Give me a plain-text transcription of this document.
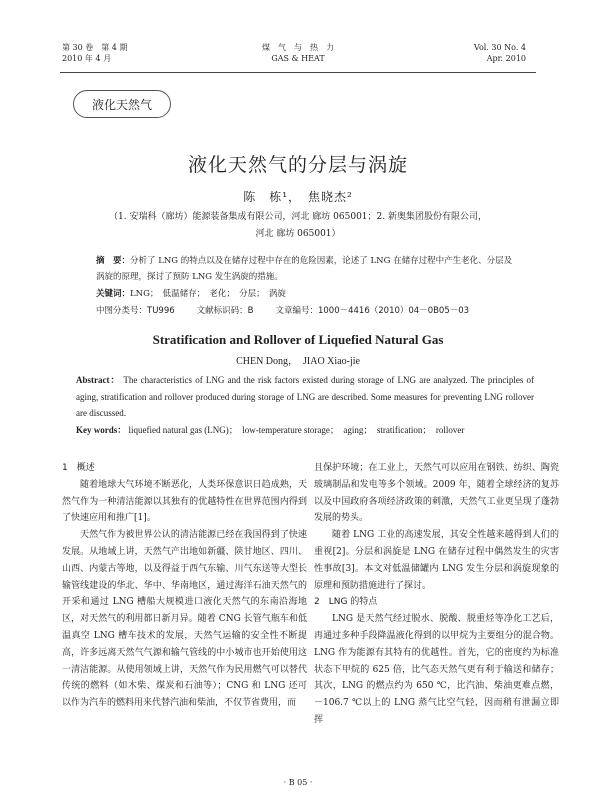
第 30 卷　第 4 期
2010 年 4 月
煤　气　与　热　力
GAS & HEAT
Vol. 30 No. 4
Apr. 2010
液化天然气
液化天然气的分层与涡旋
陈　栋¹，　焦晓杰²
（1. 安瑞科（廊坊）能源装备集成有限公司，河北 廊坊 065001；2. 新奥集团股份有限公司，
河北 廊坊 065001）
摘　要：分析了 LNG 的特点以及在储存过程中存在的危险因素，论述了 LNG 在储存过程中产生老化、分层及涡旋的原理，探讨了预防 LNG 发生涡旋的措施。
关键词：LNG；　低温储存；　老化；　分层；　涡旋
中图分类号：TU996	文献标识码：B	文章编号：1000－4416（2010）04－0B05－03
Stratification and Rollover of Liquefied Natural Gas
CHEN Dong，　JIAO Xiao-jie
Abstract： The characteristics of LNG and the risk factors existed during storage of LNG are analyzed. The principles of aging, stratification and rollover produced during storage of LNG are described. Some measures for preventing LNG rollover are discussed.
Key words： liquefied natural gas (LNG)；　low-temperature storage；　aging；　stratification；　rollover

1　概述

随着地球大气环境不断恶化，人类环保意识日趋成熟，天然气作为一种清洁能源以其独有的优越特性在世界范围内得到了快速应用和推广[1]。

天然气作为被世界公认的清洁能源已经在我国得到了快速发展。从地域上讲，天然气产出地如新疆、陕甘地区、四川、山西、内蒙古等地，以及得益于西气东输、川气东送等大型长输管线建设的华北、华中、华南地区，通过海洋石油天然气的开采和通过 LNG 槽船大规模进口液化天然气的东南沿海地区，对天然气的利用都日新月异。随着 CNG 长管气瓶车和低温真空 LNG 槽车技术的发展，天然气运输的安全性不断提高，许多远离天然气气源和输气管线的中小城市也开始使用这一清洁能源。从使用领域上讲，天然气作为民用燃气可以替代传统的燃料（如木柴、煤炭和石油等）；CNG 和 LNG 还可以作为汽车的燃料用来代替汽油和柴油，不仅节省费用，而

且保护环境；在工业上，天然气可以应用在钢铁、纺织、陶瓷玻璃制品和发电等多个领域。2009 年，随着全球经济的复苏以及中国政府各项经济政策的刺激，天然气工业更呈现了蓬勃发展的势头。

随着 LNG 工业的高速发展，其安全性越来越得到人们的重视[2]。分层和涡旋是 LNG 在储存过程中偶然发生的灾害性事故[3]。本文对低温储罐内 LNG 发生分层和涡旋现象的原理和预防措施进行了探讨。

2　LNG 的特点

LNG 是天然气经过脱水、脱酸、脱重烃等净化工艺后，再通过多种手段降温液化得到的以甲烷为主要组分的混合物。LNG 作为能源有其特有的优越性。首先，它的密度约为标准状态下甲烷的 625 倍，比气态天然气更有利于输送和储存；其次，LNG 的燃点约为 650 ℃，比汽油、柴油更难点燃，－106.7 ℃以上的 LNG 蒸气比空气轻，因而稍有泄漏立即挥

· B 05 ·
